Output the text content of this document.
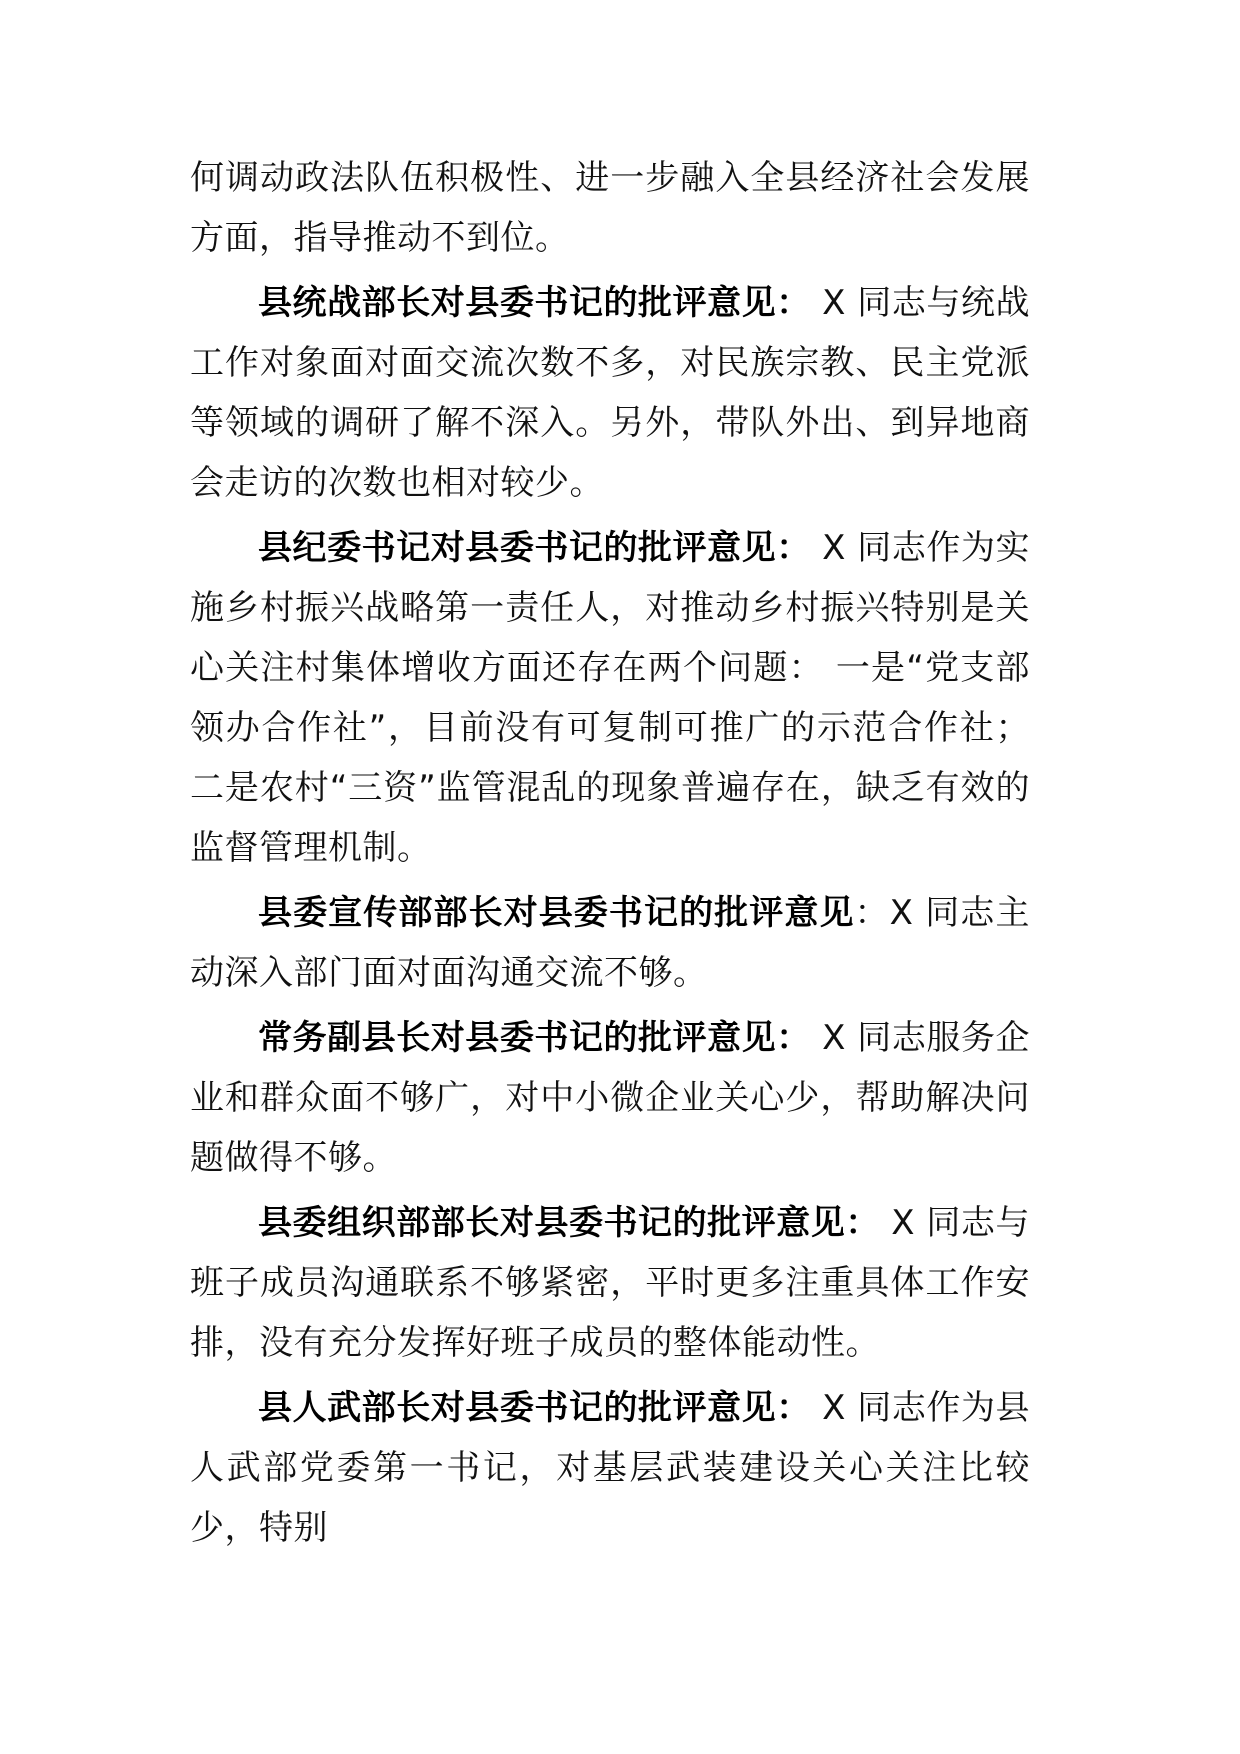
何调动政法队伍积极性、进一步融入全县经济社会发展方面，指导推动不到位。

县统战部长对县委书记的批评意见： X 同志与统战工作对象面对面交流次数不多，对民族宗教、民主党派等领域的调研了解不深入。另外，带队外出、到异地商会走访的次数也相对较少。

县纪委书记对县委书记的批评意见： X 同志作为实施乡村振兴战略第一责任人，对推动乡村振兴特别是关心关注村集体增收方面还存在两个问题： 一是“党支部领办合作社”，目前没有可复制可推广的示范合作社；二是农村“三资”监管混乱的现象普遍存在，缺乏有效的监督管理机制。

县委宣传部部长对县委书记的批评意见：X 同志主动深入部门面对面沟通交流不够。

常务副县长对县委书记的批评意见： X 同志服务企业和群众面不够广，对中小微企业关心少，帮助解决问题做得不够。

县委组织部部长对县委书记的批评意见： X 同志与班子成员沟通联系不够紧密，平时更多注重具体工作安排，没有充分发挥好班子成员的整体能动性。

县人武部长对县委书记的批评意见： X 同志作为县人武部党委第一书记，对基层武装建设关心关注比较少，特别
